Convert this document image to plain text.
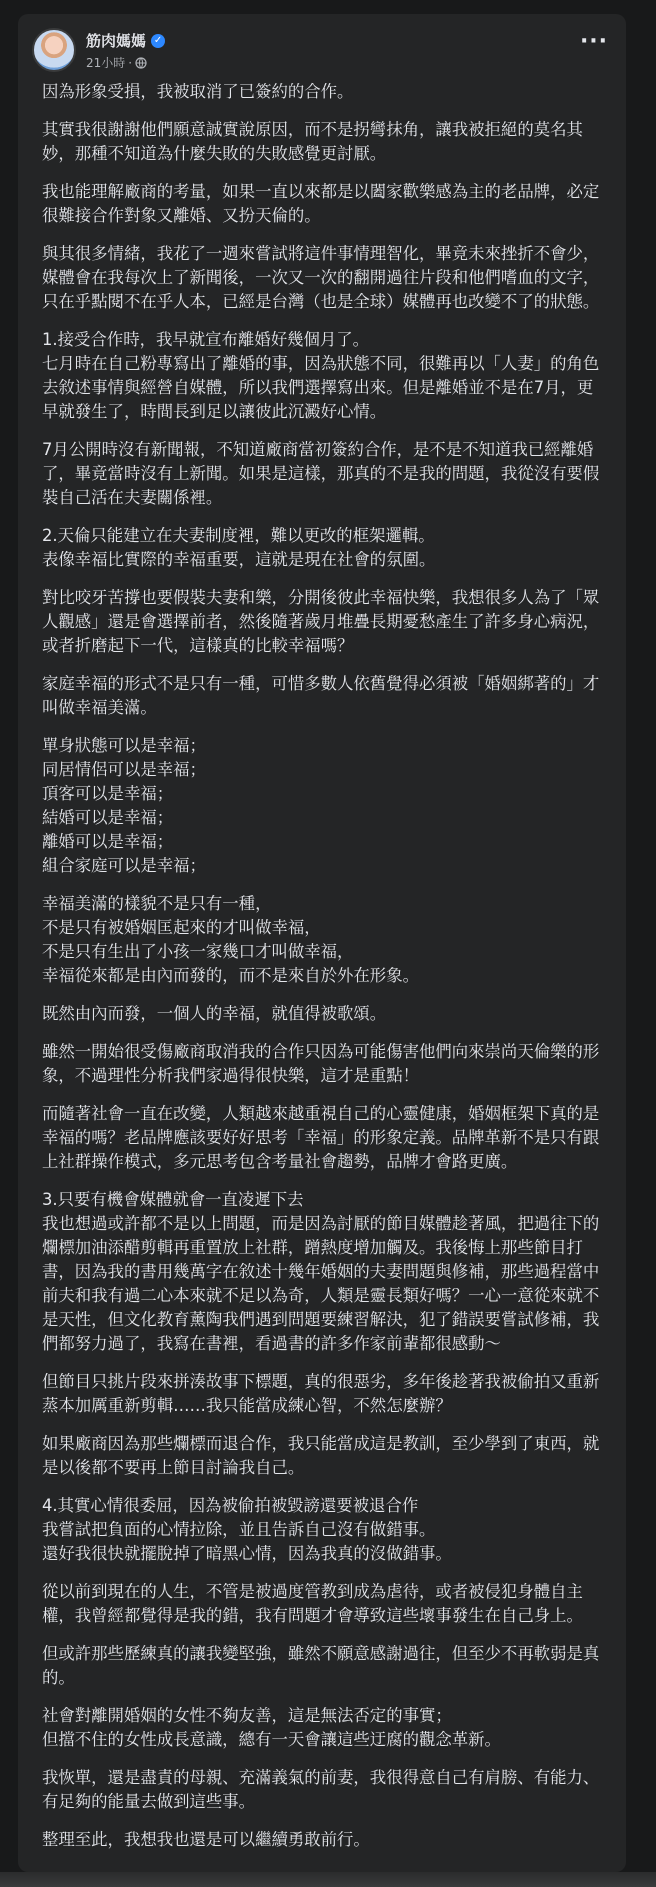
筋肉媽媽 ✓
21小時 ·
···

因為形象受損，我被取消了已簽約的合作。

其實我很謝謝他們願意誠實說原因，而不是拐彎抹角，讓我被拒絕的莫名其妙，那種不知道為什麼失敗的失敗感覺更討厭。

我也能理解廠商的考量，如果一直以來都是以闔家歡樂感為主的老品牌，必定很難接合作對象又離婚、又扮天倫的。

與其很多情緒，我花了一週來嘗試將這件事情理智化，畢竟未來挫折不會少，媒體會在我每次上了新聞後，一次又一次的翻開過往片段和他們嗜血的文字，只在乎點閱不在乎人本，已經是台灣（也是全球）媒體再也改變不了的狀態。

1.接受合作時，我早就宣布離婚好幾個月了。
七月時在自己粉專寫出了離婚的事，因為狀態不同，很難再以「人妻」的角色去敘述事情與經營自媒體，所以我們選擇寫出來。但是離婚並不是在7月，更早就發生了，時間長到足以讓彼此沉澱好心情。

7月公開時沒有新聞報，不知道廠商當初簽約合作，是不是不知道我已經離婚了，畢竟當時沒有上新聞。如果是這樣，那真的不是我的問題，我從沒有要假裝自己活在夫妻關係裡。

2.天倫只能建立在夫妻制度裡，難以更改的框架邏輯。
表像幸福比實際的幸福重要，這就是現在社會的氛圍。

對比咬牙苦撐也要假裝夫妻和樂，分開後彼此幸福快樂，我想很多人為了「眾人觀感」還是會選擇前者，然後隨著歲月堆疊長期憂愁產生了許多身心病況，或者折磨起下一代，這樣真的比較幸福嗎？

家庭幸福的形式不是只有一種，可惜多數人依舊覺得必須被「婚姻綁著的」才叫做幸福美滿。

單身狀態可以是幸福；
同居情侶可以是幸福；
頂客可以是幸福；
結婚可以是幸福；
離婚可以是幸福；
組合家庭可以是幸福；

幸福美滿的樣貌不是只有一種，
不是只有被婚姻匡起來的才叫做幸福，
不是只有生出了小孩一家幾口才叫做幸福，
幸福從來都是由內而發的，而不是來自於外在形象。

既然由內而發，一個人的幸福，就值得被歌頌。

雖然一開始很受傷廠商取消我的合作只因為可能傷害他們向來崇尚天倫樂的形象，不過理性分析我們家過得很快樂，這才是重點！

而隨著社會一直在改變，人類越來越重視自己的心靈健康，婚姻框架下真的是幸福的嗎？老品牌應該要好好思考「幸福」的形象定義。品牌革新不是只有跟上社群操作模式，多元思考包含考量社會趨勢，品牌才會路更廣。

3.只要有機會媒體就會一直凌遲下去
我也想過或許都不是以上問題，而是因為討厭的節目媒體趁著風，把過往下的爛標加油添醋剪輯再重置放上社群，蹭熱度增加觸及。我後悔上那些節目打書，因為我的書用幾萬字在敘述十幾年婚姻的夫妻問題與修補，那些過程當中前夫和我有過二心本來就不足以為奇，人類是靈長類好嗎？一心一意從來就不是天性，但文化教育薰陶我們遇到問題要練習解決，犯了錯誤要嘗試修補，我們都努力過了，我寫在書裡，看過書的許多作家前輩都很感動～

但節目只挑片段來拼湊故事下標題，真的很惡劣，多年後趁著我被偷拍又重新蒸本加厲重新剪輯……我只能當成練心智，不然怎麼辦？

如果廠商因為那些爛標而退合作，我只能當成這是教訓，至少學到了東西，就是以後都不要再上節目討論我自己。

4.其實心情很委屈，因為被偷拍被毀謗還要被退合作
我嘗試把負面的心情拉除，並且告訴自己沒有做錯事。
還好我很快就擺脫掉了暗黑心情，因為我真的沒做錯事。

從以前到現在的人生，不管是被過度管教到成為虐待，或者被侵犯身體自主權，我曾經都覺得是我的錯，我有問題才會導致這些壞事發生在自己身上。

但或許那些歷練真的讓我變堅強，雖然不願意感謝過往，但至少不再軟弱是真的。

社會對離開婚姻的女性不夠友善，這是無法否定的事實；
但擋不住的女性成長意識，總有一天會讓這些迂腐的觀念革新。

我恢單，還是盡責的母親、充滿義氣的前妻，我很得意自己有肩膀、有能力、有足夠的能量去做到這些事。

整理至此，我想我也還是可以繼續勇敢前行。
